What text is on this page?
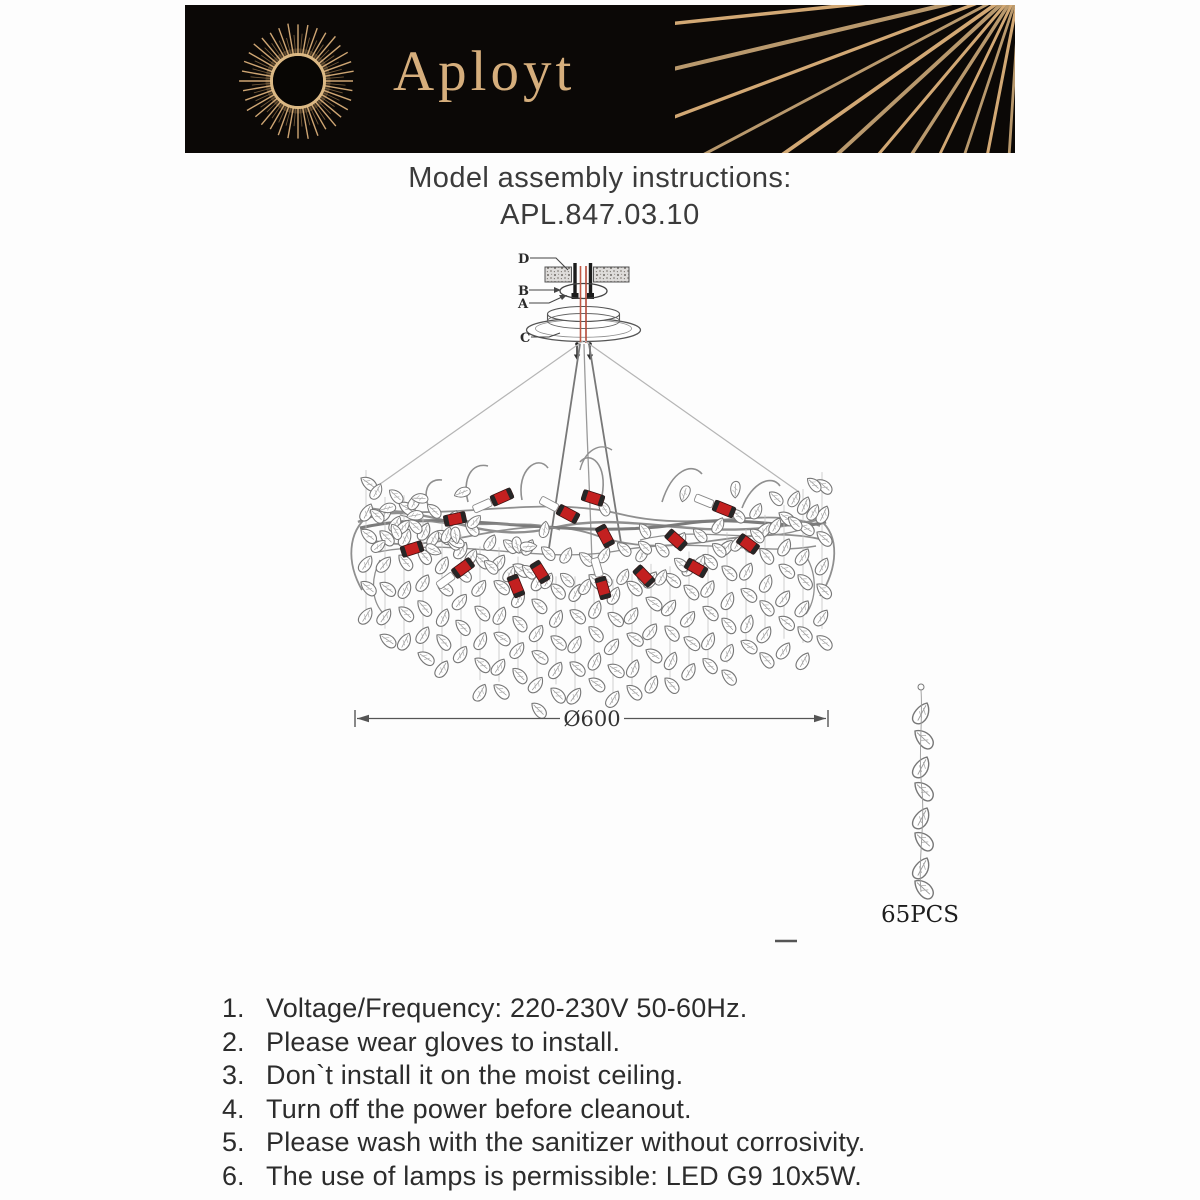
Aployt
Model assembly instructions:
APL.847.03.10
D
B
A
C
Ø600
65PCS
1. Voltage/Frequency: 220-230V 50-60Hz.
2. Please wear gloves to install.
3. Don`t install it on the moist ceiling.
4. Turn off the power before cleanout.
5. Please wash with the sanitizer without corrosivity.
6. The use of lamps is permissible: LED G9 10x5W.
